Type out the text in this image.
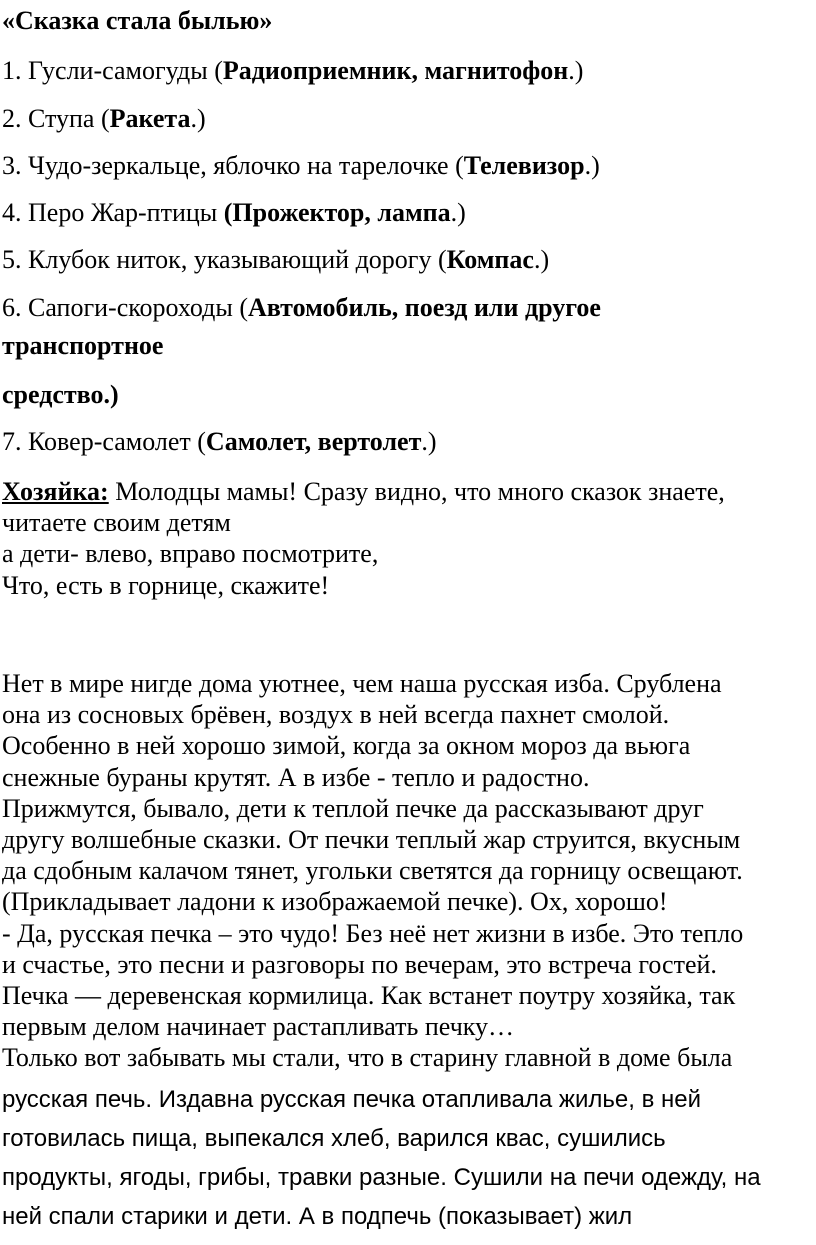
«Сказка стала былью»

1. Гусли-самогуды (Радиоприемник, магнитофон.)

2. Ступа (Ракета.)

3. Чудо-зеркальце, яблочко на тарелочке (Телевизор.)

4. Перо Жар-птицы (Прожектор, лампа.)

5. Клубок ниток, указывающий дорогу (Компас.)

6. Сапоги-скороходы (Автомобиль, поезд или другое

транспортное

средство.)

7. Ковер-самолет (Самолет, вертолет.)

Хозяйка: Молодцы мамы! Сразу видно, что много сказок знаете,

читаете своим детям

а дети- влево, вправо посмотрите,

Что, есть в горнице, скажите!

Нет в мире нигде дома уютнее, чем наша русская изба. Срублена

она из сосновых брёвен, воздух в ней всегда пахнет смолой.

Особенно в ней хорошо зимой, когда за окном мороз да вьюга

снежные бураны крутят. А в избе - тепло и радостно.

Прижмутся, бывало, дети к теплой печке да рассказывают друг

другу волшебные сказки. От печки теплый жар струится, вкусным

да сдобным калачом тянет, угольки светятся да горницу освещают.

(Прикладывает ладони к изображаемой печке). Ох, хорошо!

- Да, русская печка – это чудо! Без неё нет жизни в избе. Это тепло

и счастье, это песни и разговоры по вечерам, это встреча гостей.

Печка — деревенская кормилица. Как встанет поутру хозяйка, так

первым делом начинает растапливать печку…

Только вот забывать мы стали, что в старину главной в доме была

русская печь. Издавна русская печка отапливала жилье, в ней

готовилась пища, выпекался хлеб, варился квас, сушились

продукты, ягоды, грибы, травки разные. Сушили на печи одежду, на

ней спали старики и дети. А в подпечь (показывает) жил
